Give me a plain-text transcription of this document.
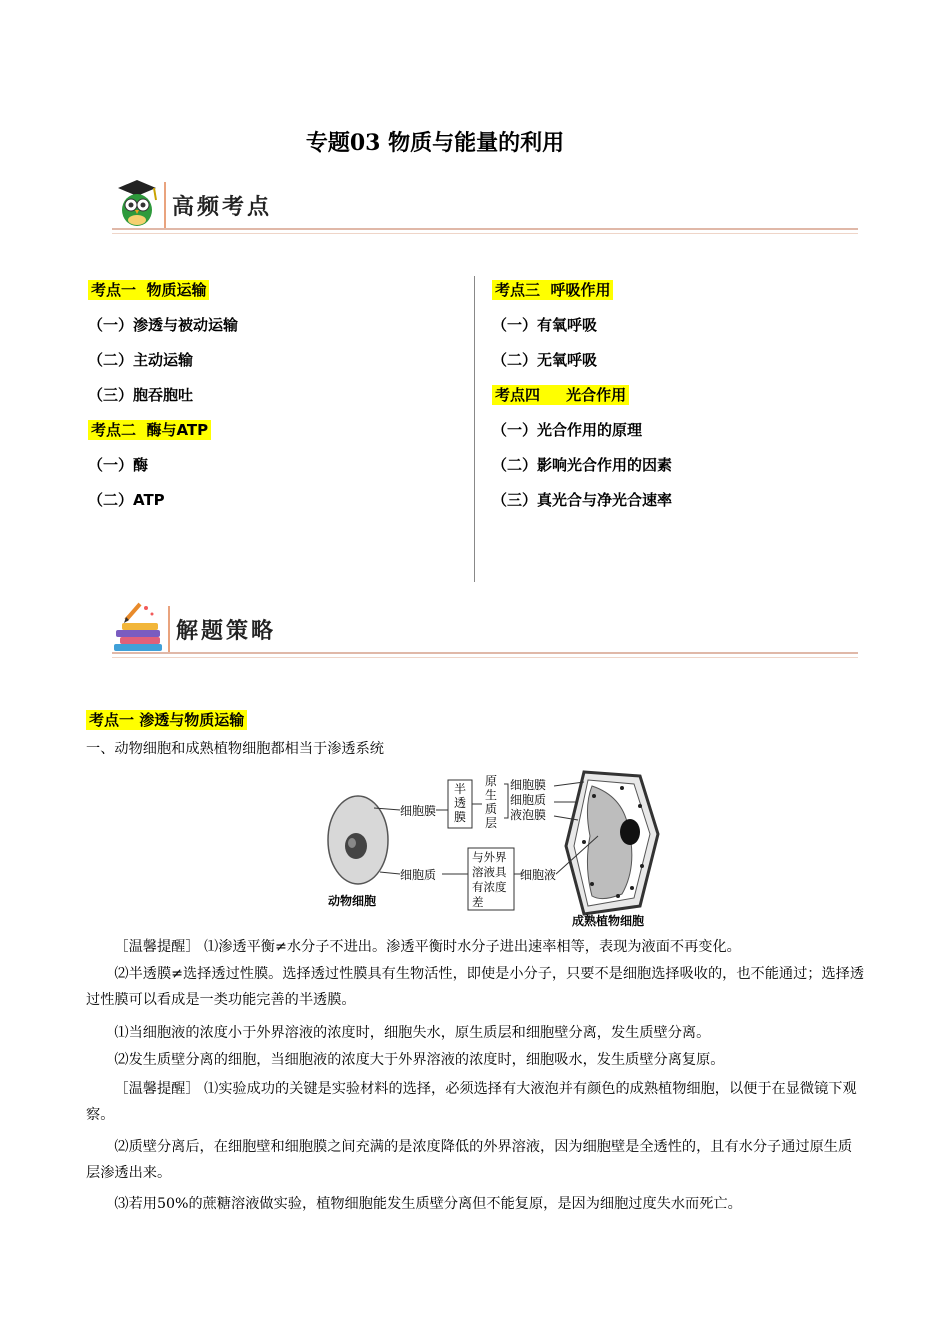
专题03 物质与能量的利用
高频考点
考点一  物质运输
（一）渗透与被动运输
（二）主动运输
（三）胞吞胞吐
考点二  酶与ATP
（一）酶
（二）ATP
考点三  呼吸作用
（一）有氧呼吸
（二）无氧呼吸
考点四     光合作用
（一）光合作用的原理
（二）影响光合作用的因素
（三）真光合与净光合速率
解题策略
考点一 渗透与物质运输
一、动物细胞和成熟植物细胞都相当于渗透系统
细胞膜
细胞质
动物细胞
半
透
膜
原
生
质
层
细胞膜
细胞质
液泡膜
与外界
溶液具
有浓度
差
细胞液
成熟植物细胞
［温馨提醒］ ⑴渗透平衡≠水分子不进出。渗透平衡时水分子进出速率相等，表现为液面不再变化。
⑵半透膜≠选择透过性膜。选择透过性膜具有生物活性，即使是小分子，只要不是细胞选择吸收的，也不能通过；选择透过性膜可以看成是一类功能完善的半透膜。
⑴当细胞液的浓度小于外界溶液的浓度时，细胞失水，原生质层和细胞壁分离，发生质壁分离。
⑵发生质壁分离的细胞，当细胞液的浓度大于外界溶液的浓度时，细胞吸水，发生质壁分离复原。
［温馨提醒］ ⑴实验成功的关键是实验材料的选择，必须选择有大液泡并有颜色的成熟植物细胞，以便于在显微镜下观察。
⑵质壁分离后，在细胞壁和细胞膜之间充满的是浓度降低的外界溶液，因为细胞壁是全透性的，且有水分子通过原生质层渗透出来。
⑶若用50%的蔗糖溶液做实验，植物细胞能发生质壁分离但不能复原，是因为细胞过度失水而死亡。
